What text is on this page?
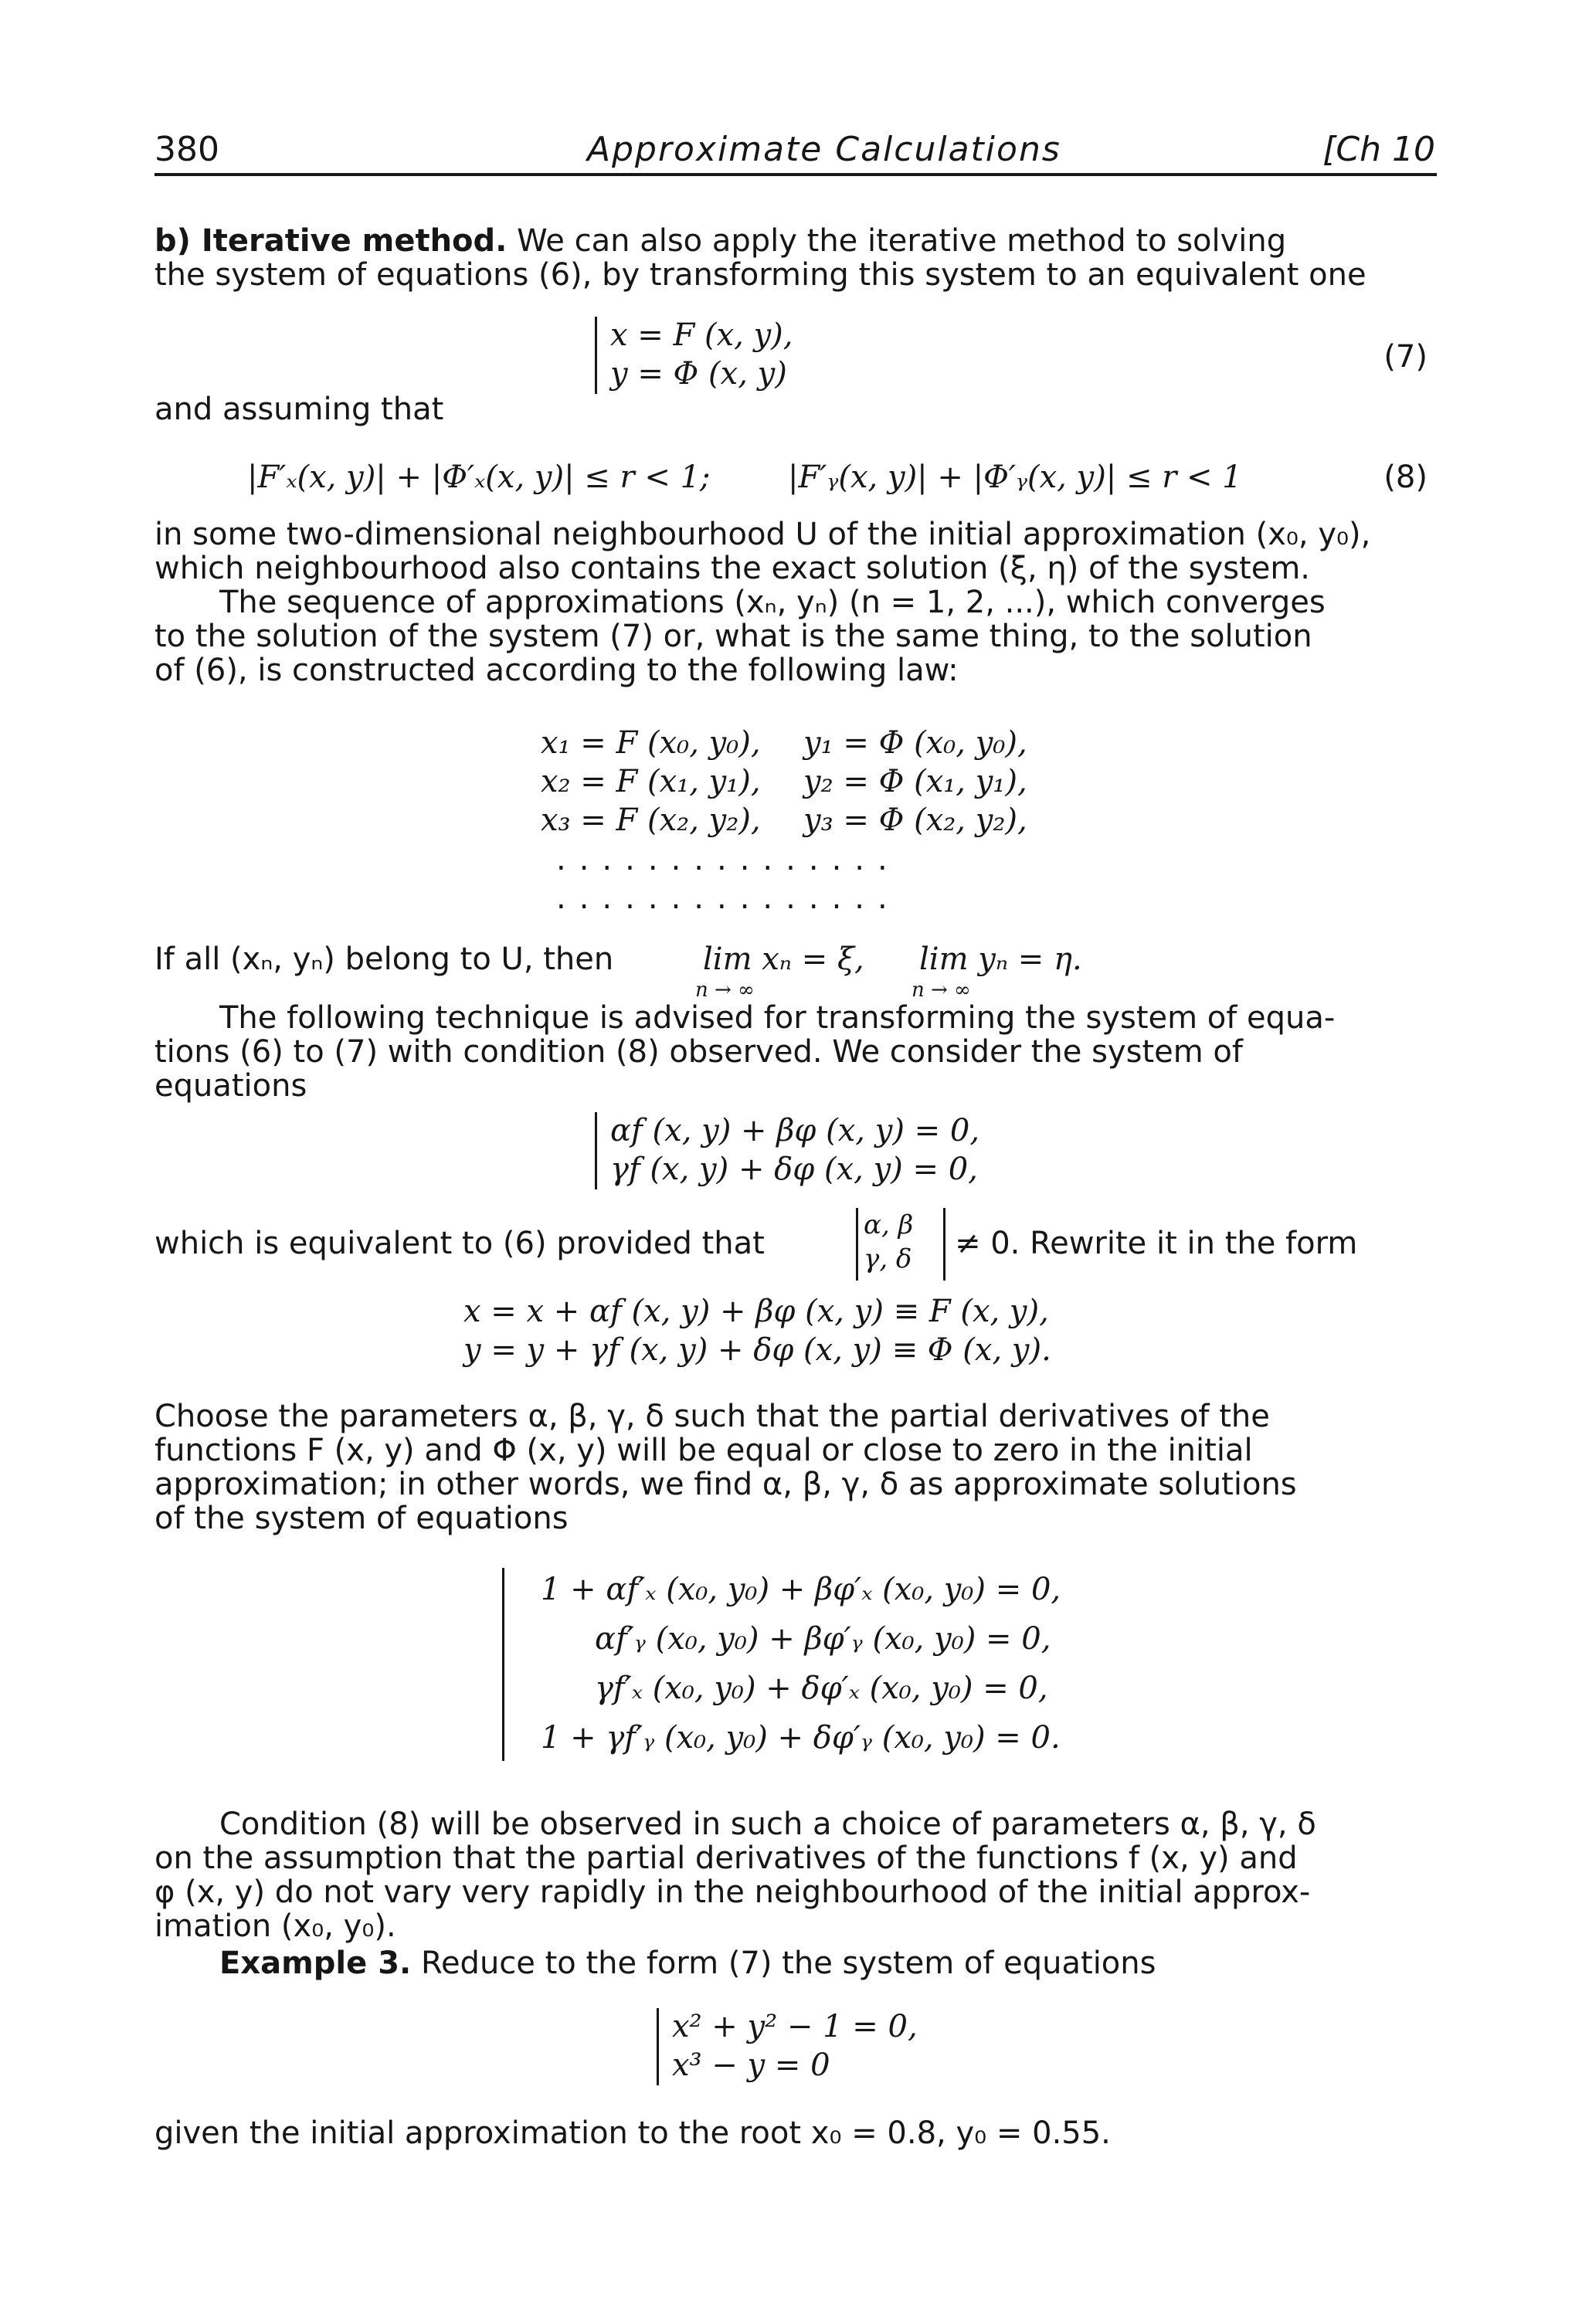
380	Approximate Calculations	[Ch 10
b) Iterative method. We can also apply the iterative method to solving
the system of equations (6), by transforming this system to an equivalent one
x = F (x, y),
y = Φ (x, y)	(7)
and assuming that
|F′ₓ(x, y)| + |Φ′ₓ(x, y)| ≤ r < 1;	|F′ᵧ(x, y)| + |Φ′ᵧ(x, y)| ≤ r < 1	(8)
in some two-dimensional neighbourhood U of the initial approximation (x₀, y₀),
which neighbourhood also contains the exact solution (ξ, η) of the system.
The sequence of approximations (xₙ, yₙ) (n = 1, 2, ...), which converges
to the solution of the system (7) or, what is the same thing, to the solution
of (6), is constructed according to the following law:
x₁ = F (x₀, y₀), y₁ = Φ (x₀, y₀),
x₂ = F (x₁, y₁), y₂ = Φ (x₁, y₁),
x₃ = F (x₂, y₂), y₃ = Φ (x₂, y₂),
...............
...............
If all (xₙ, yₙ) belong to U, then	lim xₙ = ξ, lim yₙ = η.
n → ∞	n → ∞
The following technique is advised for transforming the system of equa-
tions (6) to (7) with condition (8) observed. We consider the system of
equations
αf (x, y) + βφ (x, y) = 0,
γf (x, y) + δφ (x, y) = 0,
which is equivalent to (6) provided that
α, β
γ, δ ≠ 0. Rewrite it in the form
x = x + αf (x, y) + βφ (x, y) ≡ F (x, y),
y = y + γf (x, y) + δφ (x, y) ≡ Φ (x, y).
Choose the parameters α, β, γ, δ such that the partial derivatives of the
functions F (x, y) and Φ (x, y) will be equal or close to zero in the initial
approximation; in other words, we find α, β, γ, δ as approximate solutions
of the system of equations
1 + αf′ₓ (x₀, y₀) + βφ′ₓ (x₀, y₀) = 0,
αf′ᵧ (x₀, y₀) + βφ′ᵧ (x₀, y₀) = 0,
γf′ₓ (x₀, y₀) + δφ′ₓ (x₀, y₀) = 0,
1 + γf′ᵧ (x₀, y₀) + δφ′ᵧ (x₀, y₀) = 0.
Condition (8) will be observed in such a choice of parameters α, β, γ, δ
on the assumption that the partial derivatives of the functions f (x, y) and
φ (x, y) do not vary very rapidly in the neighbourhood of the initial approx-
imation (x₀, y₀).
Example 3. Reduce to the form (7) the system of equations
x² + y² − 1 = 0,
x³ − y = 0
given the initial approximation to the root x₀ = 0.8, y₀ = 0.55.
